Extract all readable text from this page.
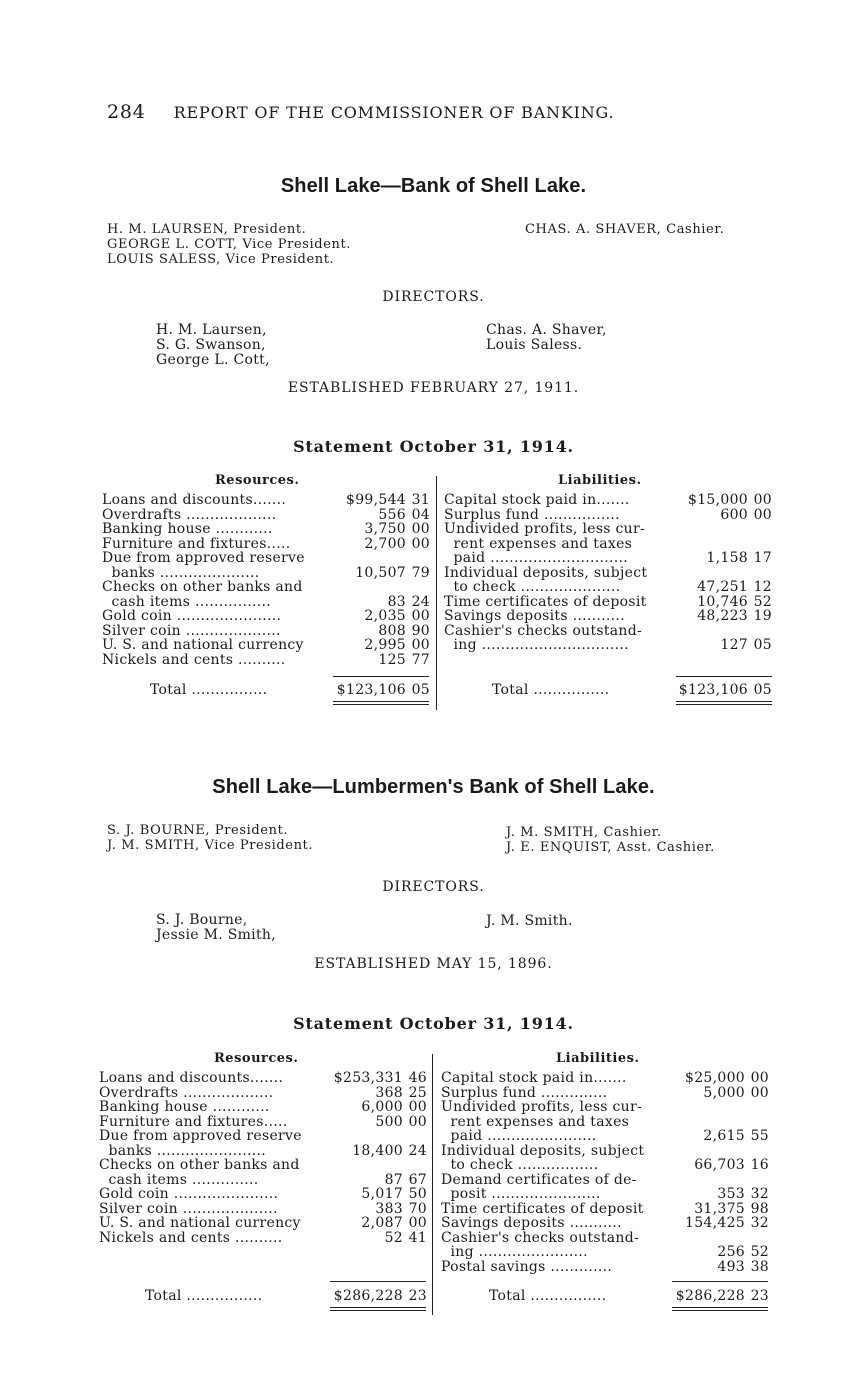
284 REPORT OF THE COMMISSIONER OF BANKING.
Shell Lake—Bank of Shell Lake.
H. M. LAURSEN, President.
GEORGE L. COTT, Vice President.
LOUIS SALESS, Vice President.
CHAS. A. SHAVER, Cashier.
DIRECTORS.
H. M. Laursen,
S. G. Swanson,
George L. Cott,
Chas. A. Shaver,
Louis Saless.
ESTABLISHED FEBRUARY 27, 1911.
Statement October 31, 1914.
Resources.	Liabilities.
Loans and discounts.......	$99,544 31
Overdrafts ...................	556 04
Banking house ............	3,750 00
Furniture and fixtures.....	2,700 00
Due from approved reserve
banks .....................	10,507 79
Checks on other banks and
cash items ................	83 24
Gold coin ......................	2,035 00
Silver coin ....................	808 90
U. S. and national currency	2,995 00
Nickels and cents ..........	125 77
Capital stock paid in.......	$15,000 00
Surplus fund ................	600 00
Undivided profits, less cur-
rent expenses and taxes
paid .............................	1,158 17
Individual deposits, subject
to check .....................	47,251 12
Time certificates of deposit	10,746 52
Savings deposits ...........	48,223 19
Cashier's checks outstand-
ing ...............................	127 05
Total ................	$123,106 05	Total ................	$123,106 05
Shell Lake—Lumbermen's Bank of Shell Lake.
S. J. BOURNE, President.
J. M. SMITH, Vice President.
J. M. SMITH, Cashier.
J. E. ENQUIST, Asst. Cashier.
DIRECTORS.
S. J. Bourne,
Jessie M. Smith,
J. M. Smith.
ESTABLISHED MAY 15, 1896.
Statement October 31, 1914.
Resources.	Liabilities.
Loans and discounts.......	$253,331 46
Overdrafts ...................	368 25
Banking house ............	6,000 00
Furniture and fixtures.....	500 00
Due from approved reserve
banks .......................	18,400 24
Checks on other banks and
cash items ..............	87 67
Gold coin ......................	5,017 50
Silver coin ....................	383 70
U. S. and national currency	2,087 00
Nickels and cents ..........	52 41
Capital stock paid in.......	$25,000 00
Surplus fund ..............	5,000 00
Undivided profits, less cur-
rent expenses and taxes
paid .......................	2,615 55
Individual deposits, subject
to check .................	66,703 16
Demand certificates of de-
posit .......................	353 32
Time certificates of deposit	31,375 98
Savings deposits ...........	154,425 32
Cashier's checks outstand-
ing .......................	256 52
Postal savings .............	493 38
Total ................	$286,228 23	Total ................	$286,228 23
